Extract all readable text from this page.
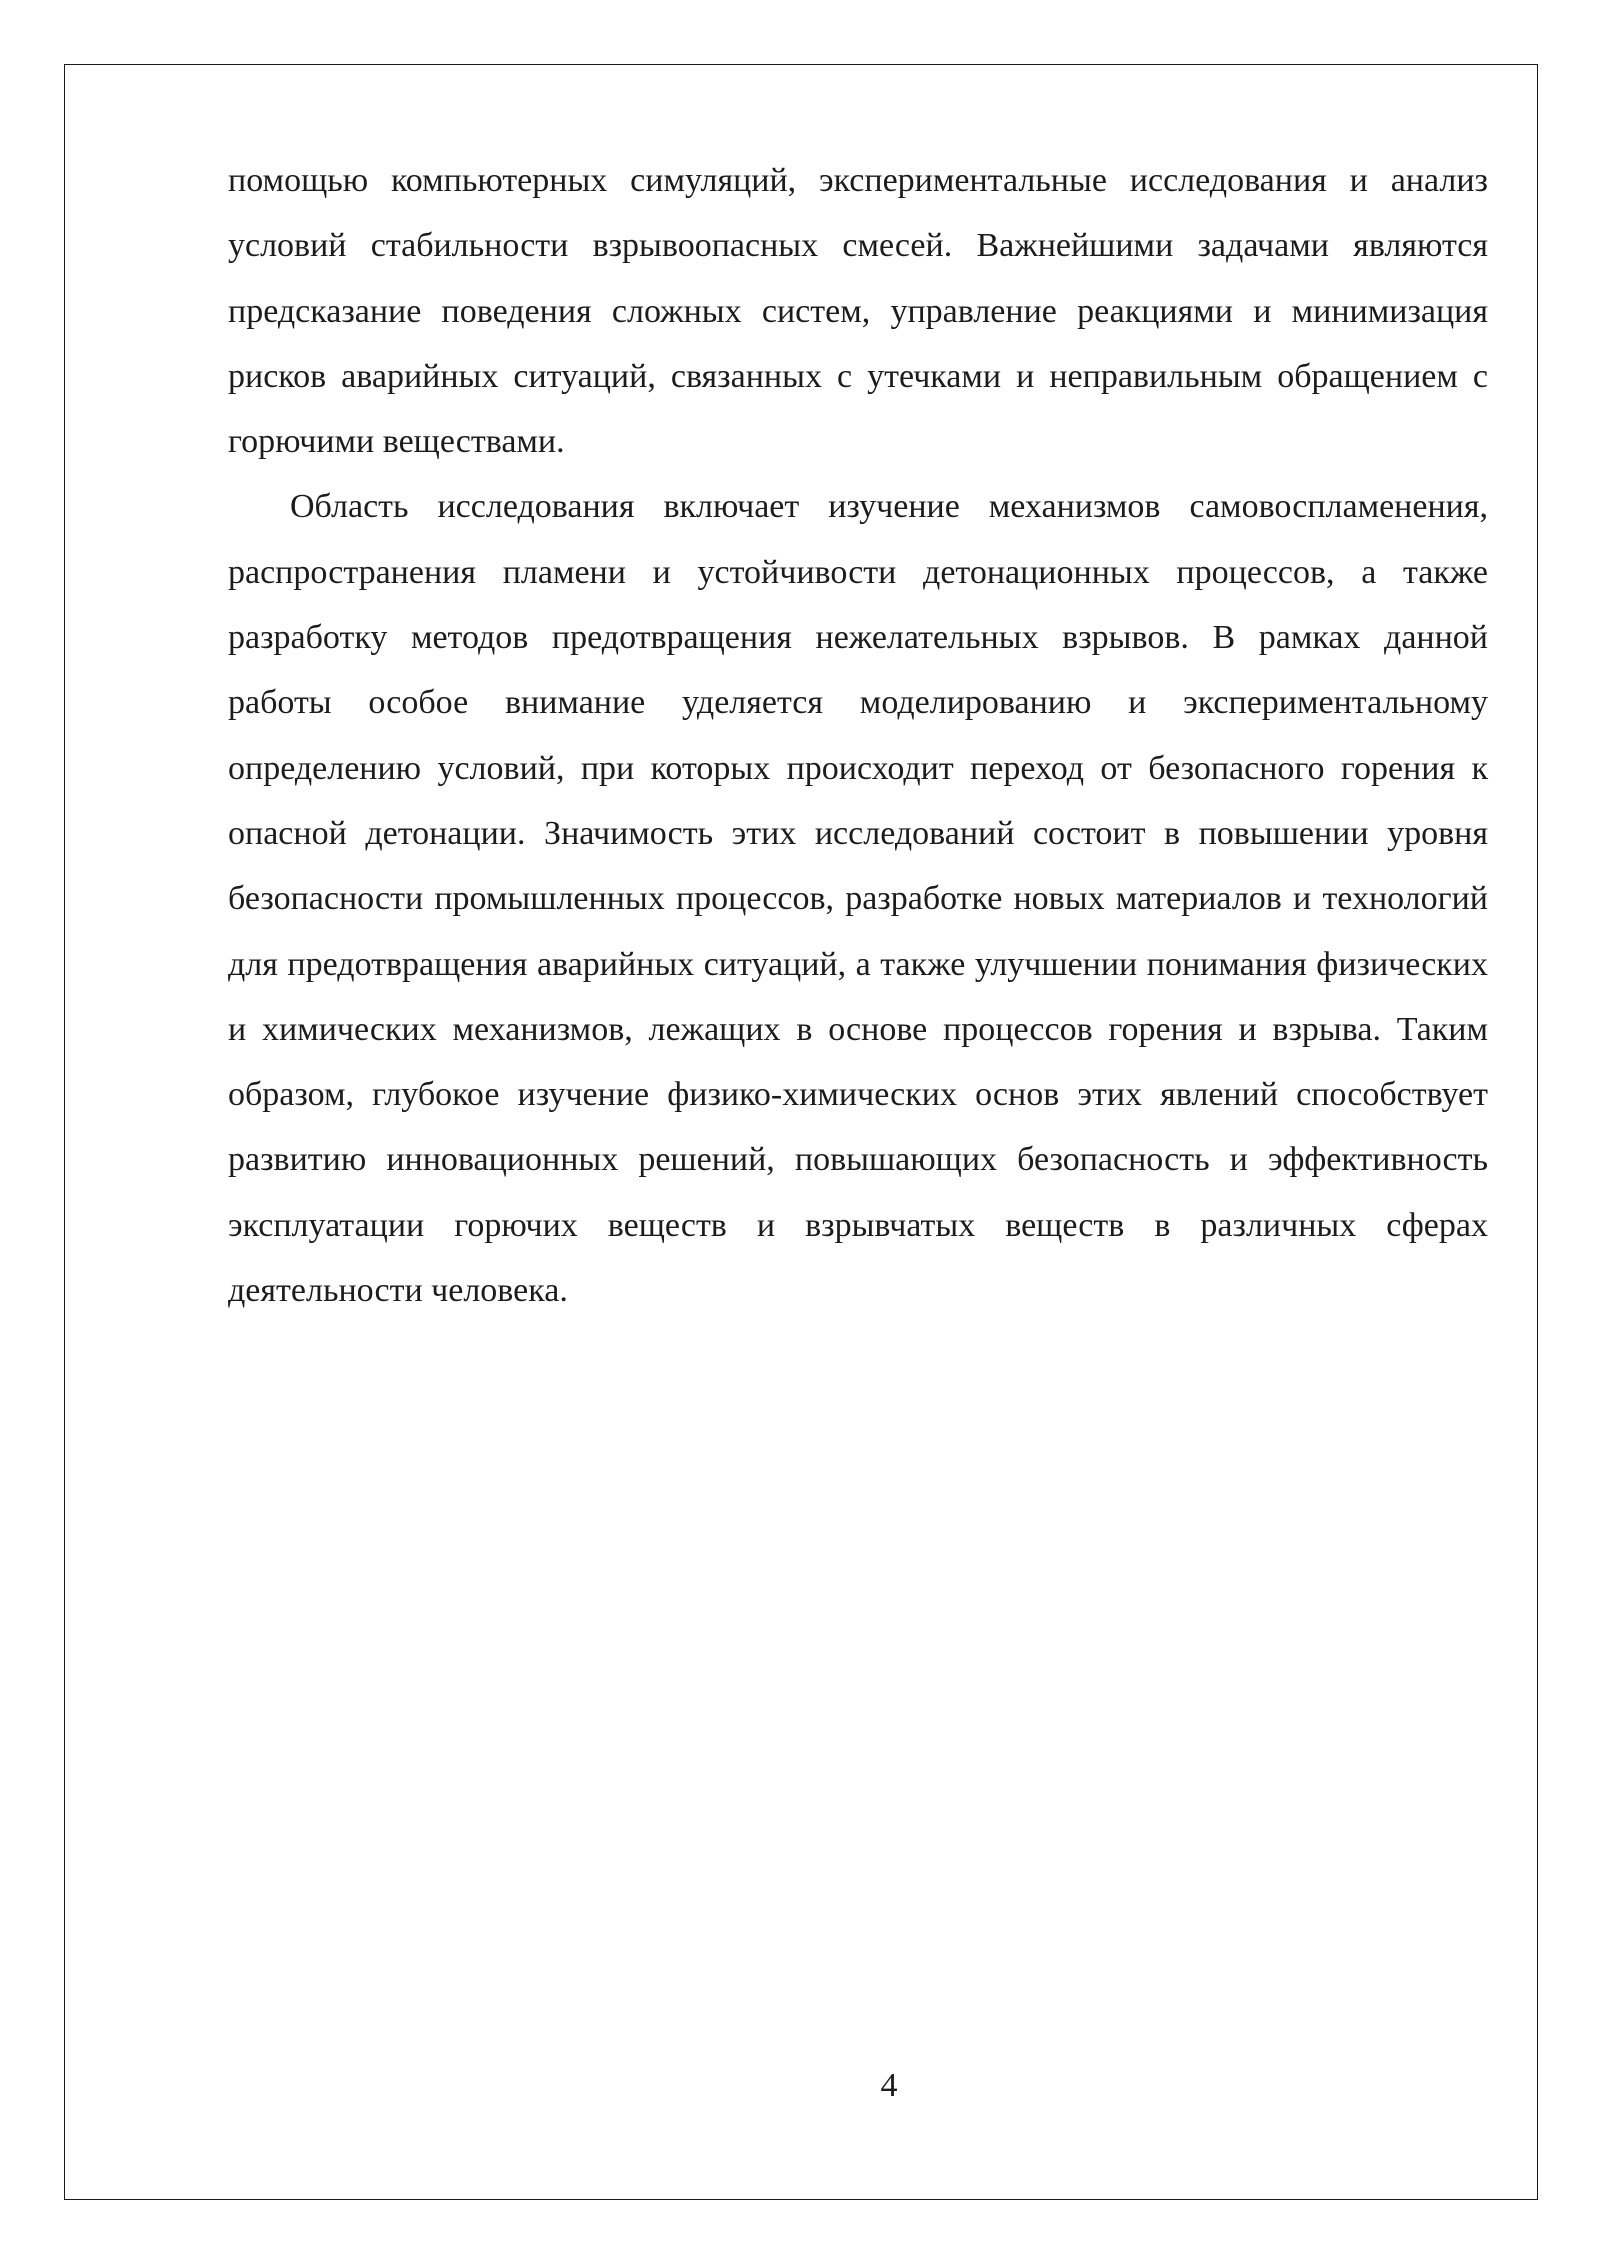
помощью компьютерных симуляций, экспериментальные исследования и анализ условий стабильности взрывоопасных смесей. Важнейшими задачами являются предсказание поведения сложных систем, управление реакциями и минимизация рисков аварийных ситуаций, связанных с утечками и неправильным обращением с горючими веществами.

Область исследования включает изучение механизмов самовоспламенения, распространения пламени и устойчивости детонационных процессов, а также разработку методов предотвращения нежелательных взрывов. В рамках данной работы особое внимание уделяется моделированию и экспериментальному определению условий, при которых происходит переход от безопасного горения к опасной детонации. Значимость этих исследований состоит в повышении уровня безопасности промышленных процессов, разработке новых материалов и технологий для предотвращения аварийных ситуаций, а также улучшении понимания физических и химических механизмов, лежащих в основе процессов горения и взрыва. Таким образом, глубокое изучение физико-химических основ этих явлений способствует развитию инновационных решений, повышающих безопасность и эффективность эксплуатации горючих веществ и взрывчатых веществ в различных сферах деятельности человека.

4
